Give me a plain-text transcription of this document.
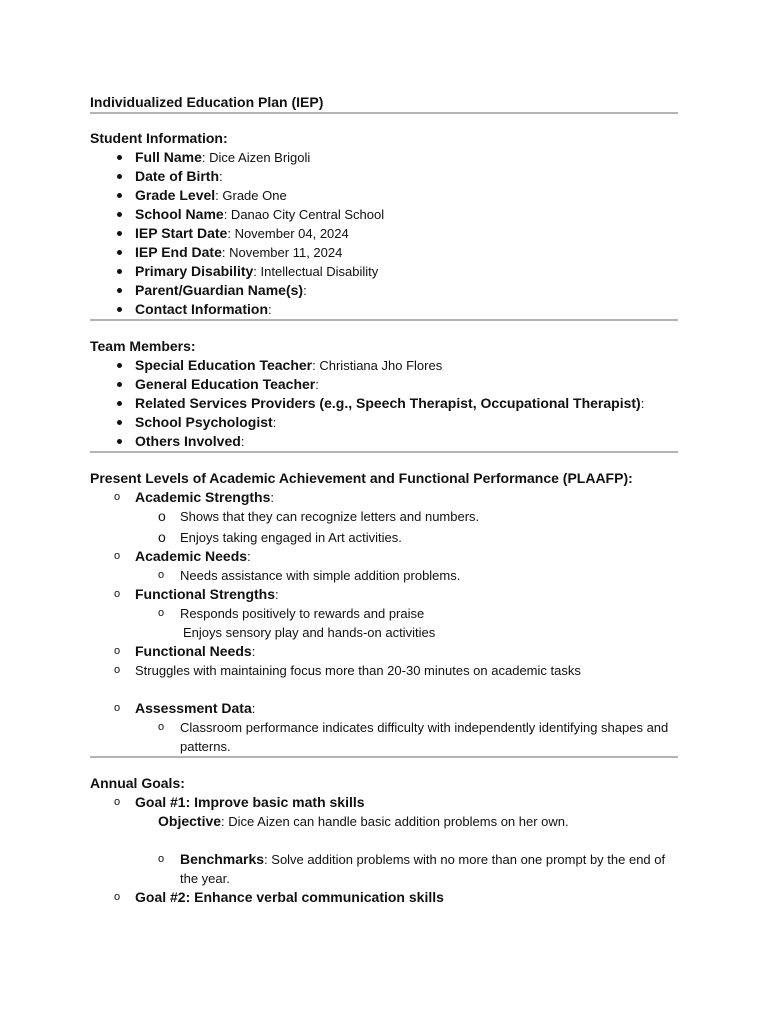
Individualized Education Plan (IEP)
Student Information:
Full Name: Dice Aizen Brigoli
Date of Birth:
Grade Level: Grade One
School Name: Danao City Central School
IEP Start Date: November 04, 2024
IEP End Date: November 11, 2024
Primary Disability: Intellectual Disability
Parent/Guardian Name(s):
Contact Information:
Team Members:
Special Education Teacher: Christiana Jho Flores
General Education Teacher:
Related Services Providers (e.g., Speech Therapist, Occupational Therapist):
School Psychologist:
Others Involved:
Present Levels of Academic Achievement and Functional Performance (PLAAFP):
o Academic Strengths:
o Shows that they can recognize letters and numbers.
o Enjoys taking engaged in Art activities.
o Academic Needs:
o Needs assistance with simple addition problems.
o Functional Strengths:
o Responds positively to rewards and praise
Enjoys sensory play and hands-on activities
o Functional Needs:
o Struggles with maintaining focus more than 20-30 minutes on academic tasks
o Assessment Data:
o Classroom performance indicates difficulty with independently identifying shapes and patterns.
Annual Goals:
o Goal #1: Improve basic math skills
Objective: Dice Aizen can handle basic addition problems on her own.
o Benchmarks: Solve addition problems with no more than one prompt by the end of the year.
o Goal #2: Enhance verbal communication skills
